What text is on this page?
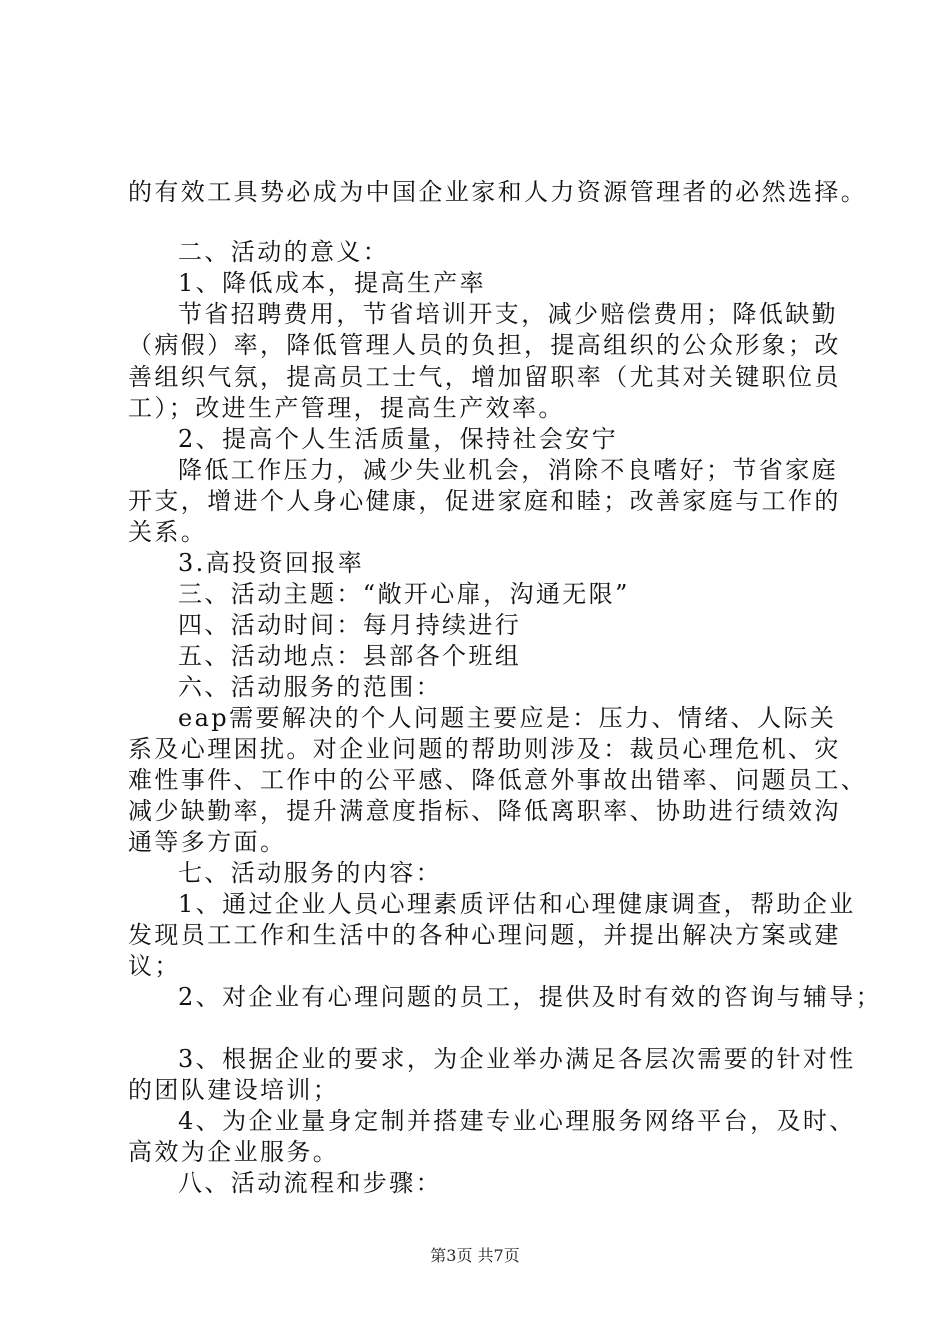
的有效工具势必成为中国企业家和人力资源管理者的必然选择。
二、活动的意义：
1、降低成本，提高生产率
节省招聘费用，节省培训开支，减少赔偿费用；降低缺勤
（病假）率，降低管理人员的负担，提高组织的公众形象；改
善组织气氛，提高员工士气，增加留职率（尤其对关键职位员
工）；改进生产管理，提高生产效率。
2、提高个人生活质量，保持社会安宁
降低工作压力，减少失业机会，消除不良嗜好；节省家庭
开支，增进个人身心健康，促进家庭和睦；改善家庭与工作的
关系。
3.高投资回报率
三、活动主题：“敞开心扉，沟通无限”
四、活动时间：每月持续进行
五、活动地点：县部各个班组
六、活动服务的范围：
eap需要解决的个人问题主要应是：压力、情绪、人际关
系及心理困扰。对企业问题的帮助则涉及：裁员心理危机、灾
难性事件、工作中的公平感、降低意外事故出错率、问题员工、
减少缺勤率，提升满意度指标、降低离职率、协助进行绩效沟
通等多方面。
七、活动服务的内容：
1、通过企业人员心理素质评估和心理健康调查，帮助企业
发现员工工作和生活中的各种心理问题，并提出解决方案或建
议；
2、对企业有心理问题的员工，提供及时有效的咨询与辅导；
3、根据企业的要求，为企业举办满足各层次需要的针对性
的团队建设培训；
4、为企业量身定制并搭建专业心理服务网络平台，及时、
高效为企业服务。
八、活动流程和步骤：
第3页 共7页
